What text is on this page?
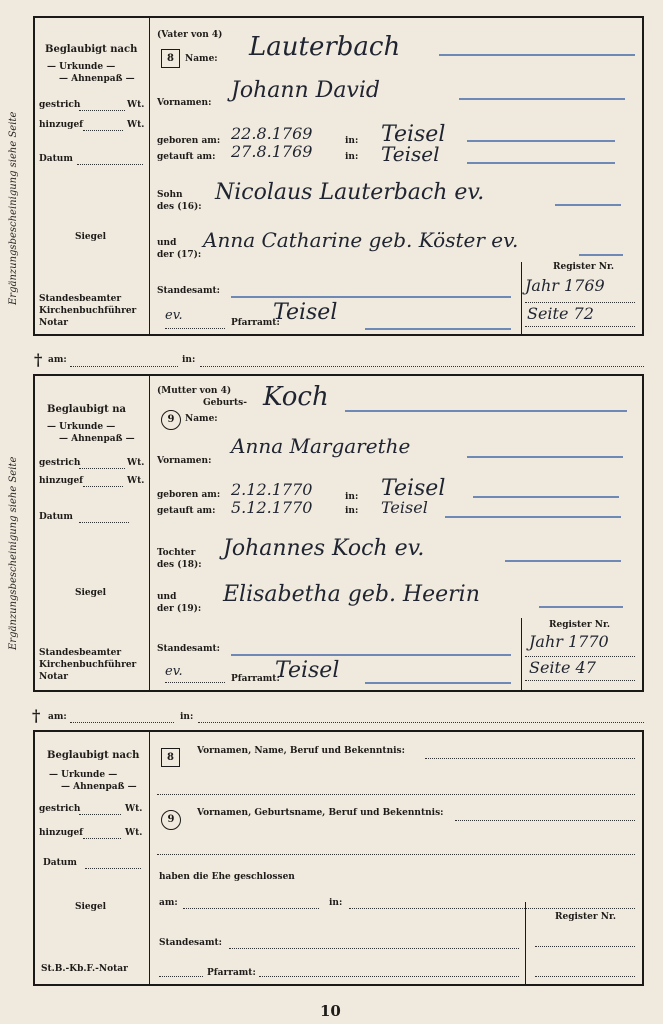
Ergänzungsbescheinigung siehe Seite
Ergänzungsbescheinigung siehe Seite
Beglaubigt nach
— Urkunde —
— Ahnenpaß —
gestrich	Wt.
hinzugef	Wt.
Datum
Siegel
Standesbeamter
Kirchenbuchführer
Notar
(Vater von 4)
8	Name: Lauterbach
Vornamen: Johann David
geboren am: 22.8.1769	in: Teisel
getauft am: 27.8.1769	in: Teisel
Sohn
des (16):
Nicolaus Lauterbach ev.
und
der (17):
Anna Catharine geb. Köster ev.
Standesamt:
ev.	Pfarramt:
Teisel
Register Nr.
Jahr 1769
Seite 72
† am:	in:
Beglaubigt na
— Urkunde —
— Ahnenpaß —
gestrich	Wt.
hinzugef	Wt.
Datum
Siegel
Standesbeamter
Kirchenbuchführer
Notar
(Mutter von 4)
Geburts-
9	Name:
Koch
Vornamen:
Anna Margarethe
geboren am: 2.12.1770	in: Teisel
getauft am: 5.12.1770	in: Teisel
Tochter
des (18):
Johannes Koch ev.
und
der (19):
Elisabetha geb. Heerin
Standesamt:
ev.	Pfarramt:
Teisel
Register Nr.
Jahr 1770
Seite 47
† am:	in:
Beglaubigt nach
— Urkunde —
— Ahnenpaß —
gestrich	Wt.
hinzugef	Wt.
Datum
Siegel
St.B.-Kb.F.-Notar
8
Vornamen, Name, Beruf und Bekenntnis:
9
Vornamen, Geburtsname, Beruf und Bekenntnis:
haben die Ehe geschlossen
am:	in:
Standesamt:
Pfarramt:
Register Nr.
10
